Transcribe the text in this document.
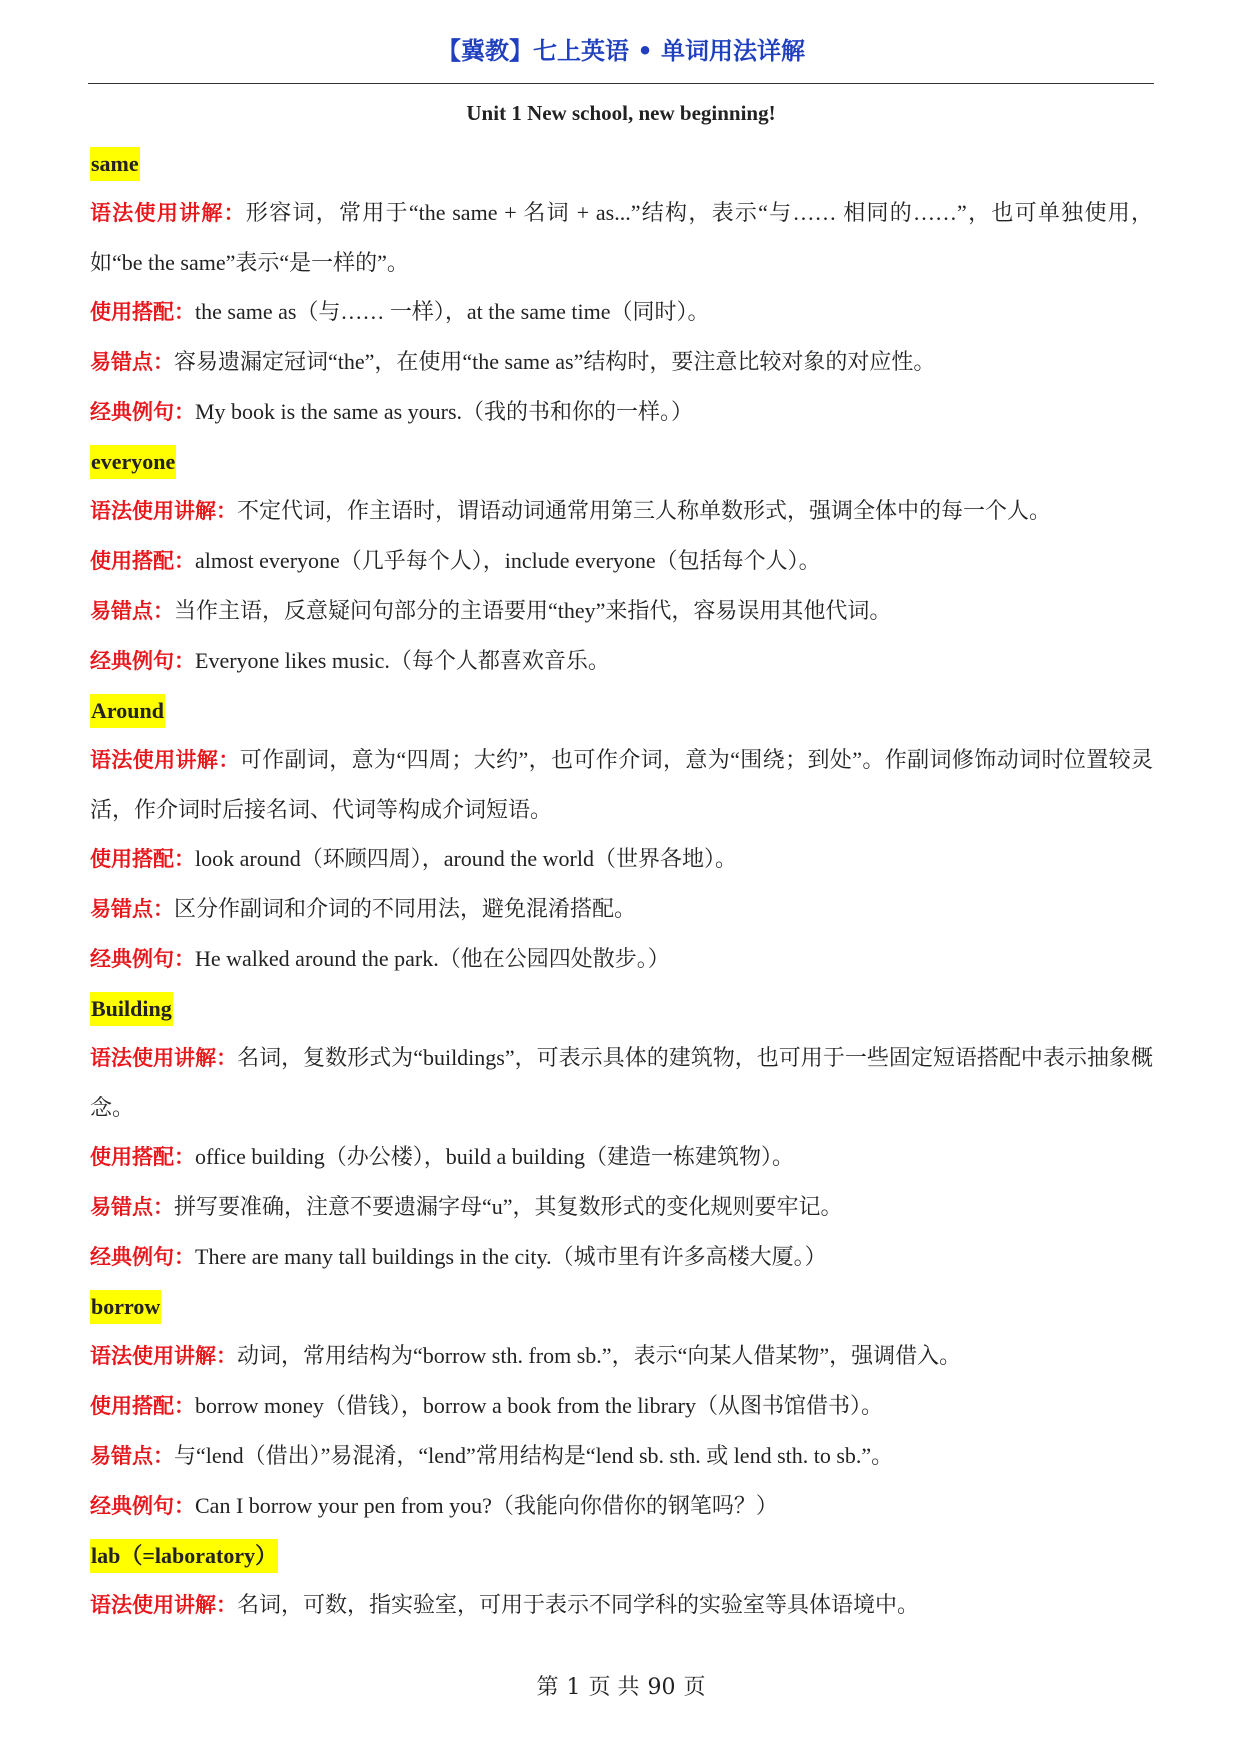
【冀教】七上英语 • 单词用法详解
Unit 1 New school, new beginning!
same
语法使用讲解：形容词，常用于“the same + 名词 + as...”结构，表示“与…… 相同的……”，也可单独使用，如“be the same”表示“是一样的”。
使用搭配：the same as（与…… 一样），at the same time（同时）。
易错点：容易遗漏定冠词“the”，在使用“the same as”结构时，要注意比较对象的对应性。
经典例句：My book is the same as yours.（我的书和你的一样。）
everyone
语法使用讲解：不定代词，作主语时，谓语动词通常用第三人称单数形式，强调全体中的每一个人。
使用搭配：almost everyone（几乎每个人），include everyone（包括每个人）。
易错点：当作主语，反意疑问句部分的主语要用“they”来指代，容易误用其他代词。
经典例句：Everyone likes music.（每个人都喜欢音乐。
Around
语法使用讲解：可作副词，意为“四周；大约”，也可作介词，意为“围绕；到处”。作副词修饰动词时位置较灵活，作介词时后接名词、代词等构成介词短语。
使用搭配：look around（环顾四周），around the world（世界各地）。
易错点：区分作副词和介词的不同用法，避免混淆搭配。
经典例句：He walked around the park.（他在公园四处散步。）
Building
语法使用讲解：名词，复数形式为“buildings”，可表示具体的建筑物，也可用于一些固定短语搭配中表示抽象概念。
使用搭配：office building（办公楼），build a building（建造一栋建筑物）。
易错点：拼写要准确，注意不要遗漏字母“u”，其复数形式的变化规则要牢记。
经典例句：There are many tall buildings in the city.（城市里有许多高楼大厦。）
borrow
语法使用讲解：动词，常用结构为“borrow sth. from sb.”，表示“向某人借某物”，强调借入。
使用搭配：borrow money（借钱），borrow a book from the library（从图书馆借书）。
易错点：与“lend（借出）”易混淆，“lend”常用结构是“lend sb. sth. 或 lend sth. to sb.”。
经典例句：Can I borrow your pen from you?（我能向你借你的钢笔吗？）
lab（=laboratory）
语法使用讲解：名词，可数，指实验室，可用于表示不同学科的实验室等具体语境中。
第 1 页 共 90 页
